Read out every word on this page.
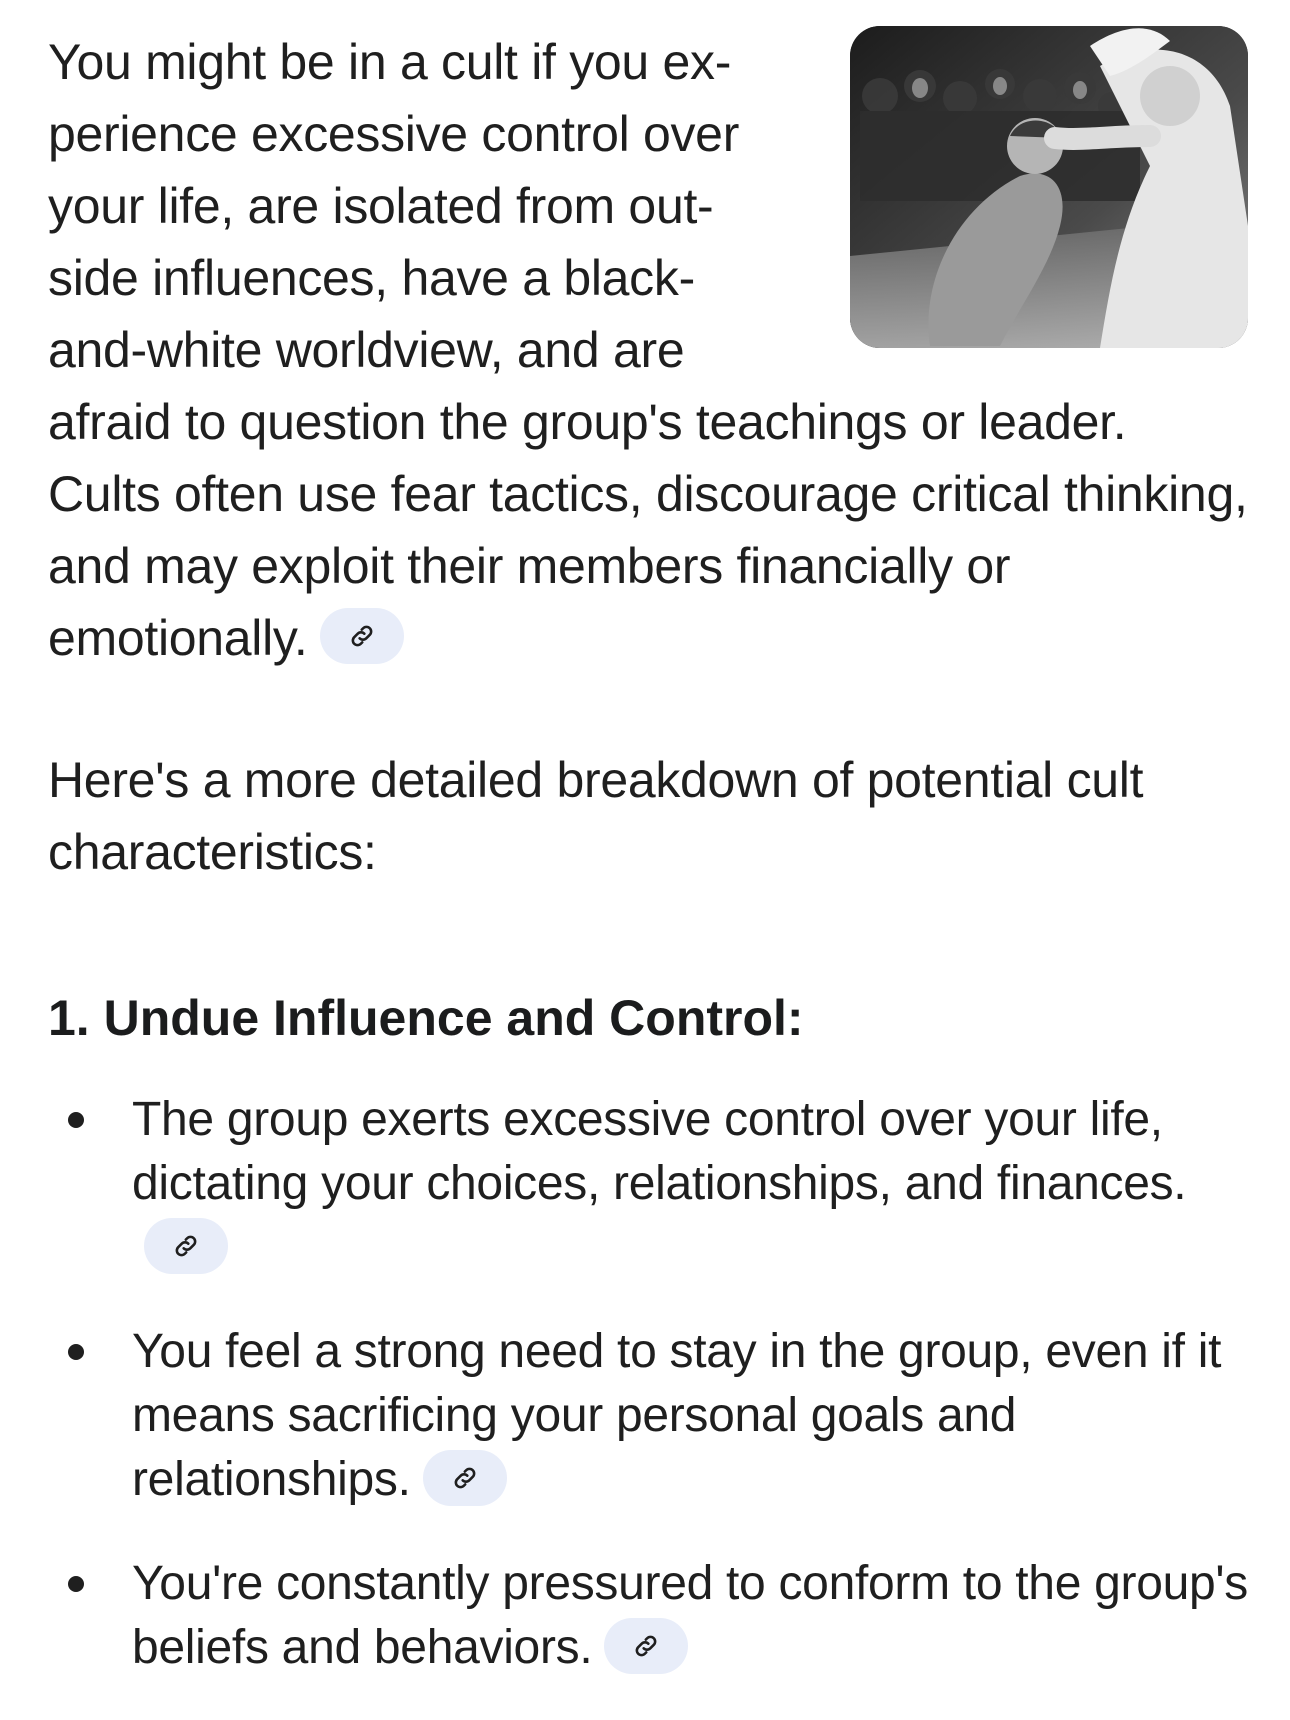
You might be in a cult if you ex-
perience excessive control over
your life, are isolated from out-
side influences, have a black-
and-white worldview, and are
afraid to question the group's teachings or leader. Cults often use fear tactics, discourage critical thinking, and may exploit their members financially or emotionally.

Here's a more detailed breakdown of potential cult characteristics:

1. Undue Influence and Control:
The group exerts excessive control over your life, dictating your choices, relationships, and finances.
You feel a strong need to stay in the group, even if it means sacrificing your personal goals and relationships.
You're constantly pressured to conform to the group's beliefs and behaviors.
